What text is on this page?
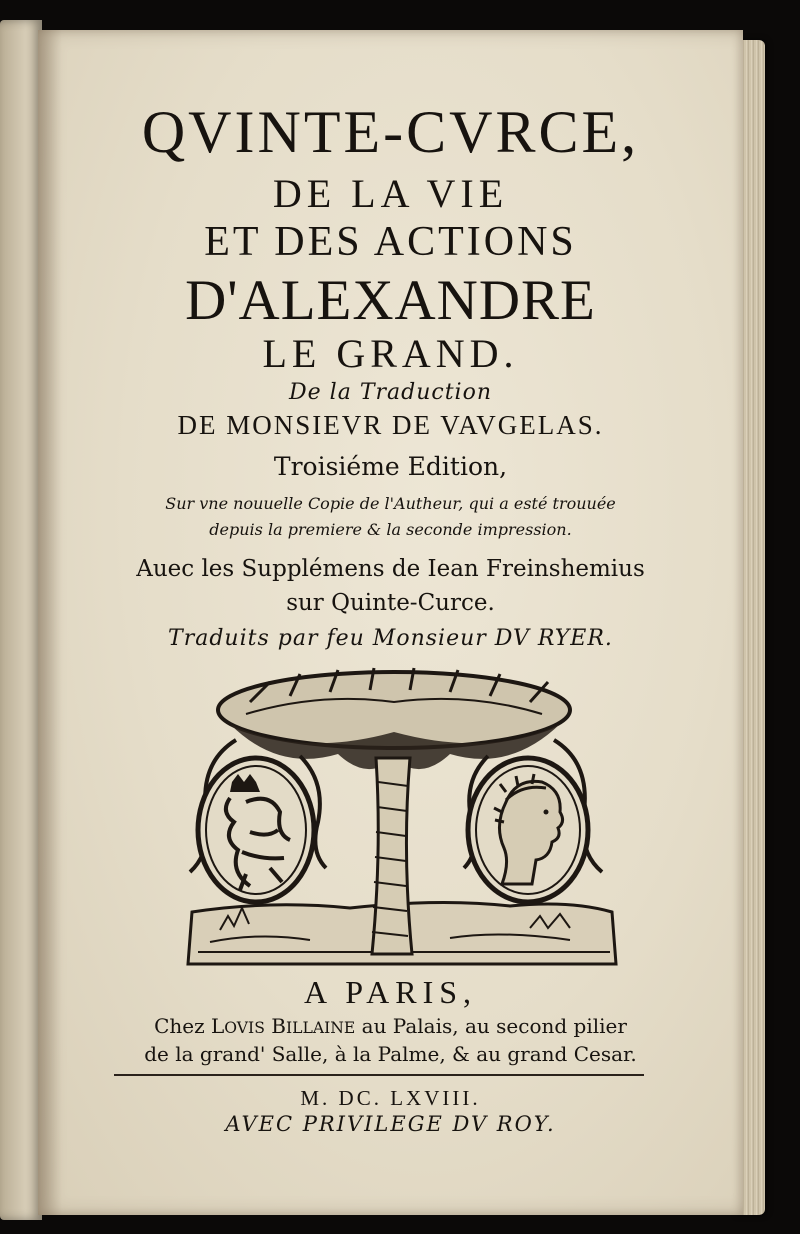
QVINTE-CVRCE,
DE LA VIE
ET DES ACTIONS
D'ALEXANDRE
LE GRAND.
De la Traduction
DE MONSIEVR DE VAVGELAS.
Troisiéme Edition,
Sur vne nouuelle Copie de l'Autheur, qui a esté trouuée
depuis la premiere & la seconde impression.
Auec les Supplémens de Iean Freinshemius
sur Quinte-Curce.
Traduits par feu Monsieur DV RYER.
A PARIS,
Chez LOVIS BILLAINE au Palais, au second pilier
de la grand' Salle, à la Palme, & au grand Cesar.
M. DC. LXVIII.
AVEC PRIVILEGE DV ROY.
